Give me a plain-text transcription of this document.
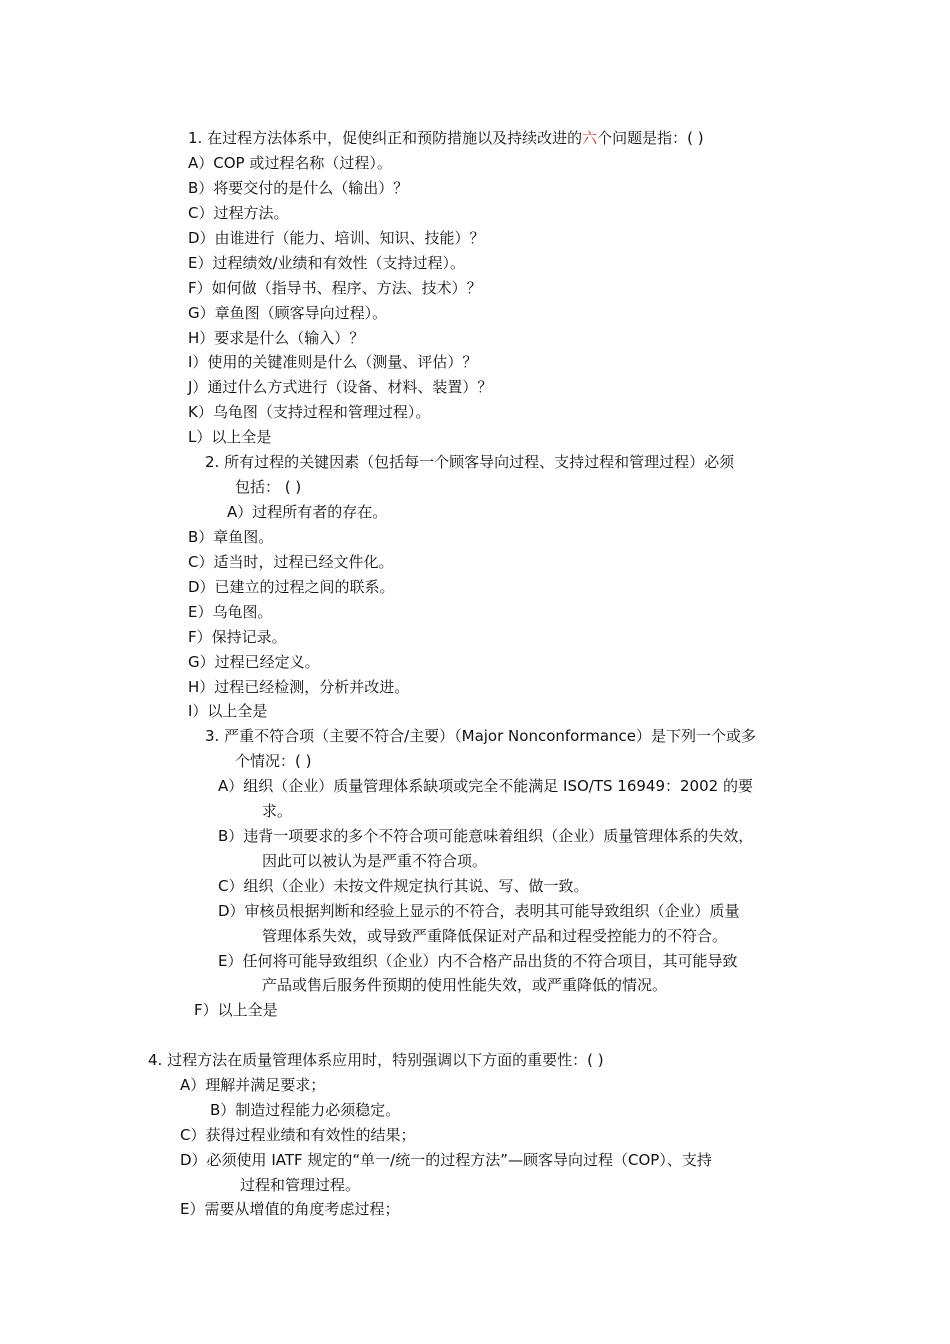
1. 在过程方法体系中，促使纠正和预防措施以及持续改进的六个问题是指：( )
A）COP 或过程名称（过程）。
B）将要交付的是什么（输出）？
C）过程方法。
D）由谁进行（能力、培训、知识、技能）？
E）过程绩效/业绩和有效性（支持过程）。
F）如何做（指导书、程序、方法、技术）？
G）章鱼图（顾客导向过程）。
H）要求是什么（输入）？
I）使用的关键准则是什么（测量、评估）？
J）通过什么方式进行（设备、材料、装置）？
K）乌龟图（支持过程和管理过程）。
L）以上全是
2. 所有过程的关键因素（包括每一个顾客导向过程、支持过程和管理过程）必须
包括： ( )
A）过程所有者的存在。
B）章鱼图。
C）适当时，过程已经文件化。
D）已建立的过程之间的联系。
E）乌龟图。
F）保持记录。
G）过程已经定义。
H）过程已经检测，分析并改进。
I）以上全是
3. 严重不符合项（主要不符合/主要）（Major Nonconformance）是下列一个或多
个情况：( )
A）组织（企业）质量管理体系缺项或完全不能满足 ISO/TS 16949：2002 的要
求。
B）违背一项要求的多个不符合项可能意味着组织（企业）质量管理体系的失效，
因此可以被认为是严重不符合项。
C）组织（企业）未按文件规定执行其说、写、做一致。
D）审核员根据判断和经验上显示的不符合，表明其可能导致组织（企业）质量
管理体系失效，或导致严重降低保证对产品和过程受控能力的不符合。
E）任何将可能导致组织（企业）内不合格产品出货的不符合项目，其可能导致
产品或售后服务件预期的使用性能失效，或严重降低的情况。
F）以上全是
4. 过程方法在质量管理体系应用时，特别强调以下方面的重要性：( )
A）理解并满足要求；
B）制造过程能力必须稳定。
C）获得过程业绩和有效性的结果；
D）必须使用 IATF 规定的“单一/统一的过程方法”—顾客导向过程（COP）、支持
过程和管理过程。
E）需要从增值的角度考虑过程；
